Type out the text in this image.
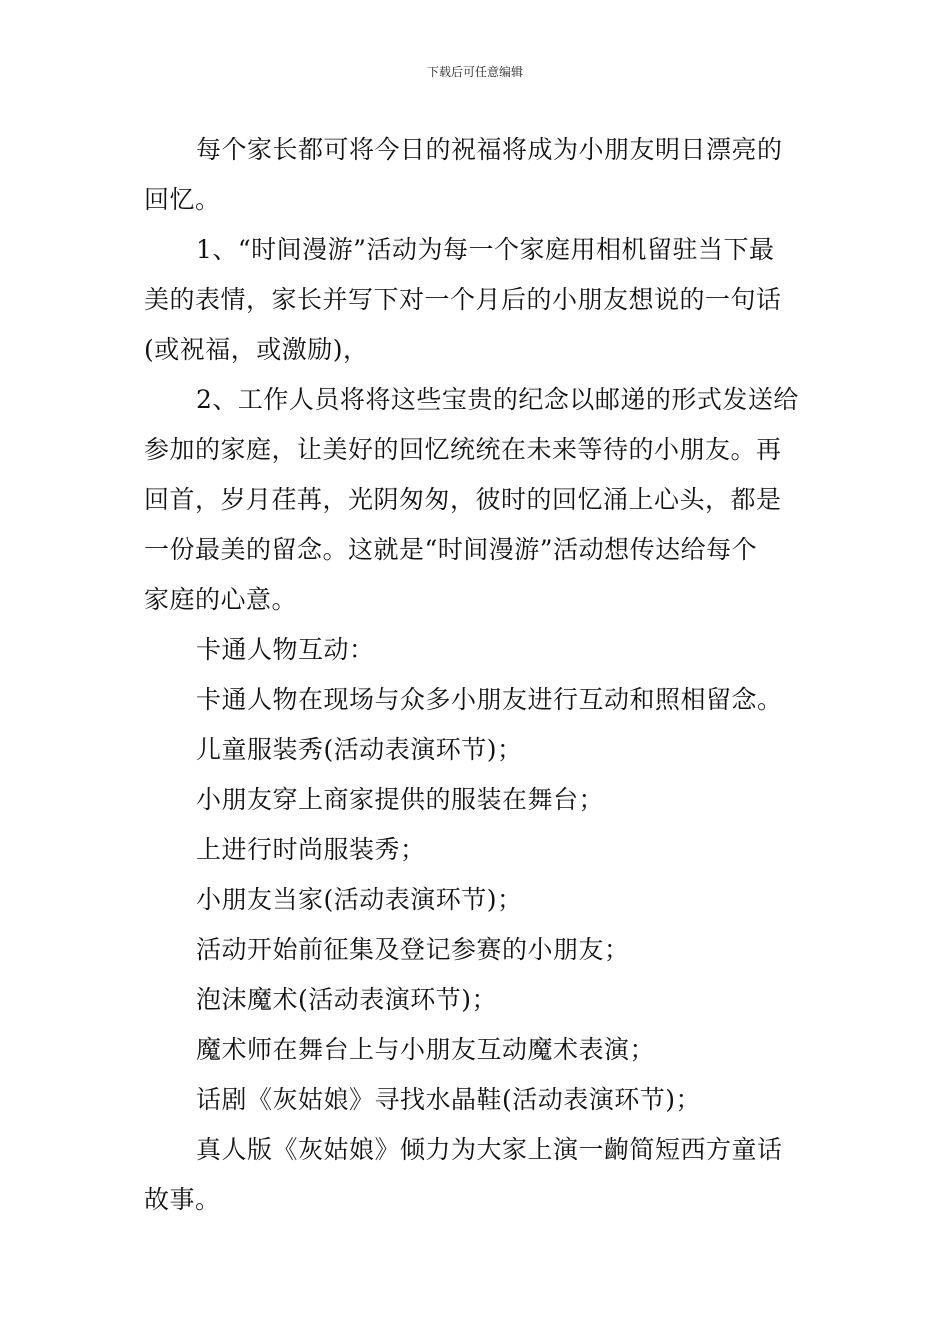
下载后可任意编辑
每个家长都可将今日的祝福将成为小朋友明日漂亮的
回忆。
1、“时间漫游”活动为每一个家庭用相机留驻当下最
美的表情，家长并写下对一个月后的小朋友想说的一句话
(或祝福，或激励)，
2、工作人员将将这些宝贵的纪念以邮递的形式发送给
参加的家庭，让美好的回忆统统在未来等待的小朋友。再
回首，岁月荏苒，光阴匆匆，彼时的回忆涌上心头，都是
一份最美的留念。这就是“时间漫游”活动想传达给每个
家庭的心意。
卡通人物互动：
卡通人物在现场与众多小朋友进行互动和照相留念。
儿童服装秀(活动表演环节)；
小朋友穿上商家提供的服装在舞台；
上进行时尚服装秀；
小朋友当家(活动表演环节)；
活动开始前征集及登记参赛的小朋友；
泡沫魔术(活动表演环节)；
魔术师在舞台上与小朋友互动魔术表演；
话剧《灰姑娘》寻找水晶鞋(活动表演环节)；
真人版《灰姑娘》倾力为大家上演一齣简短西方童话
故事。
